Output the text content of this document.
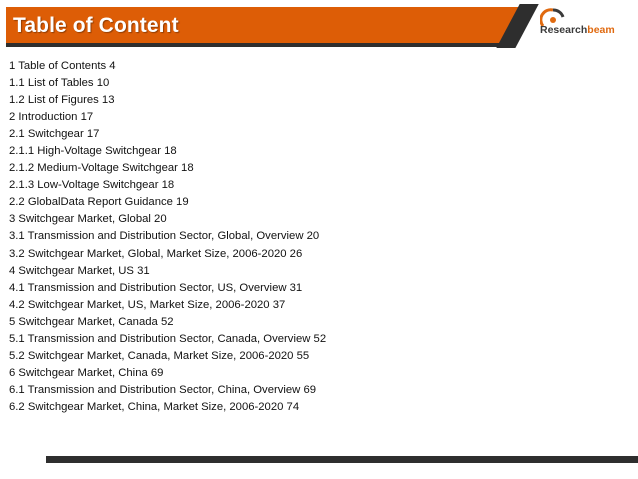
Table of Content	Researchbeam
1 Table of Contents 4
1.1 List of Tables 10
1.2 List of Figures 13
2 Introduction 17
2.1 Switchgear 17
2.1.1 High-Voltage Switchgear 18
2.1.2 Medium-Voltage Switchgear 18
2.1.3 Low-Voltage Switchgear 18
2.2 GlobalData Report Guidance 19
3 Switchgear Market, Global 20
3.1 Transmission and Distribution Sector, Global, Overview 20
3.2 Switchgear Market, Global, Market Size, 2006-2020 26
4 Switchgear Market, US 31
4.1 Transmission and Distribution Sector, US, Overview 31
4.2 Switchgear Market, US, Market Size, 2006-2020 37
5 Switchgear Market, Canada 52
5.1 Transmission and Distribution Sector, Canada, Overview 52
5.2 Switchgear Market, Canada, Market Size, 2006-2020 55
6 Switchgear Market, China 69
6.1 Transmission and Distribution Sector, China, Overview 69
6.2 Switchgear Market, China, Market Size, 2006-2020 74
